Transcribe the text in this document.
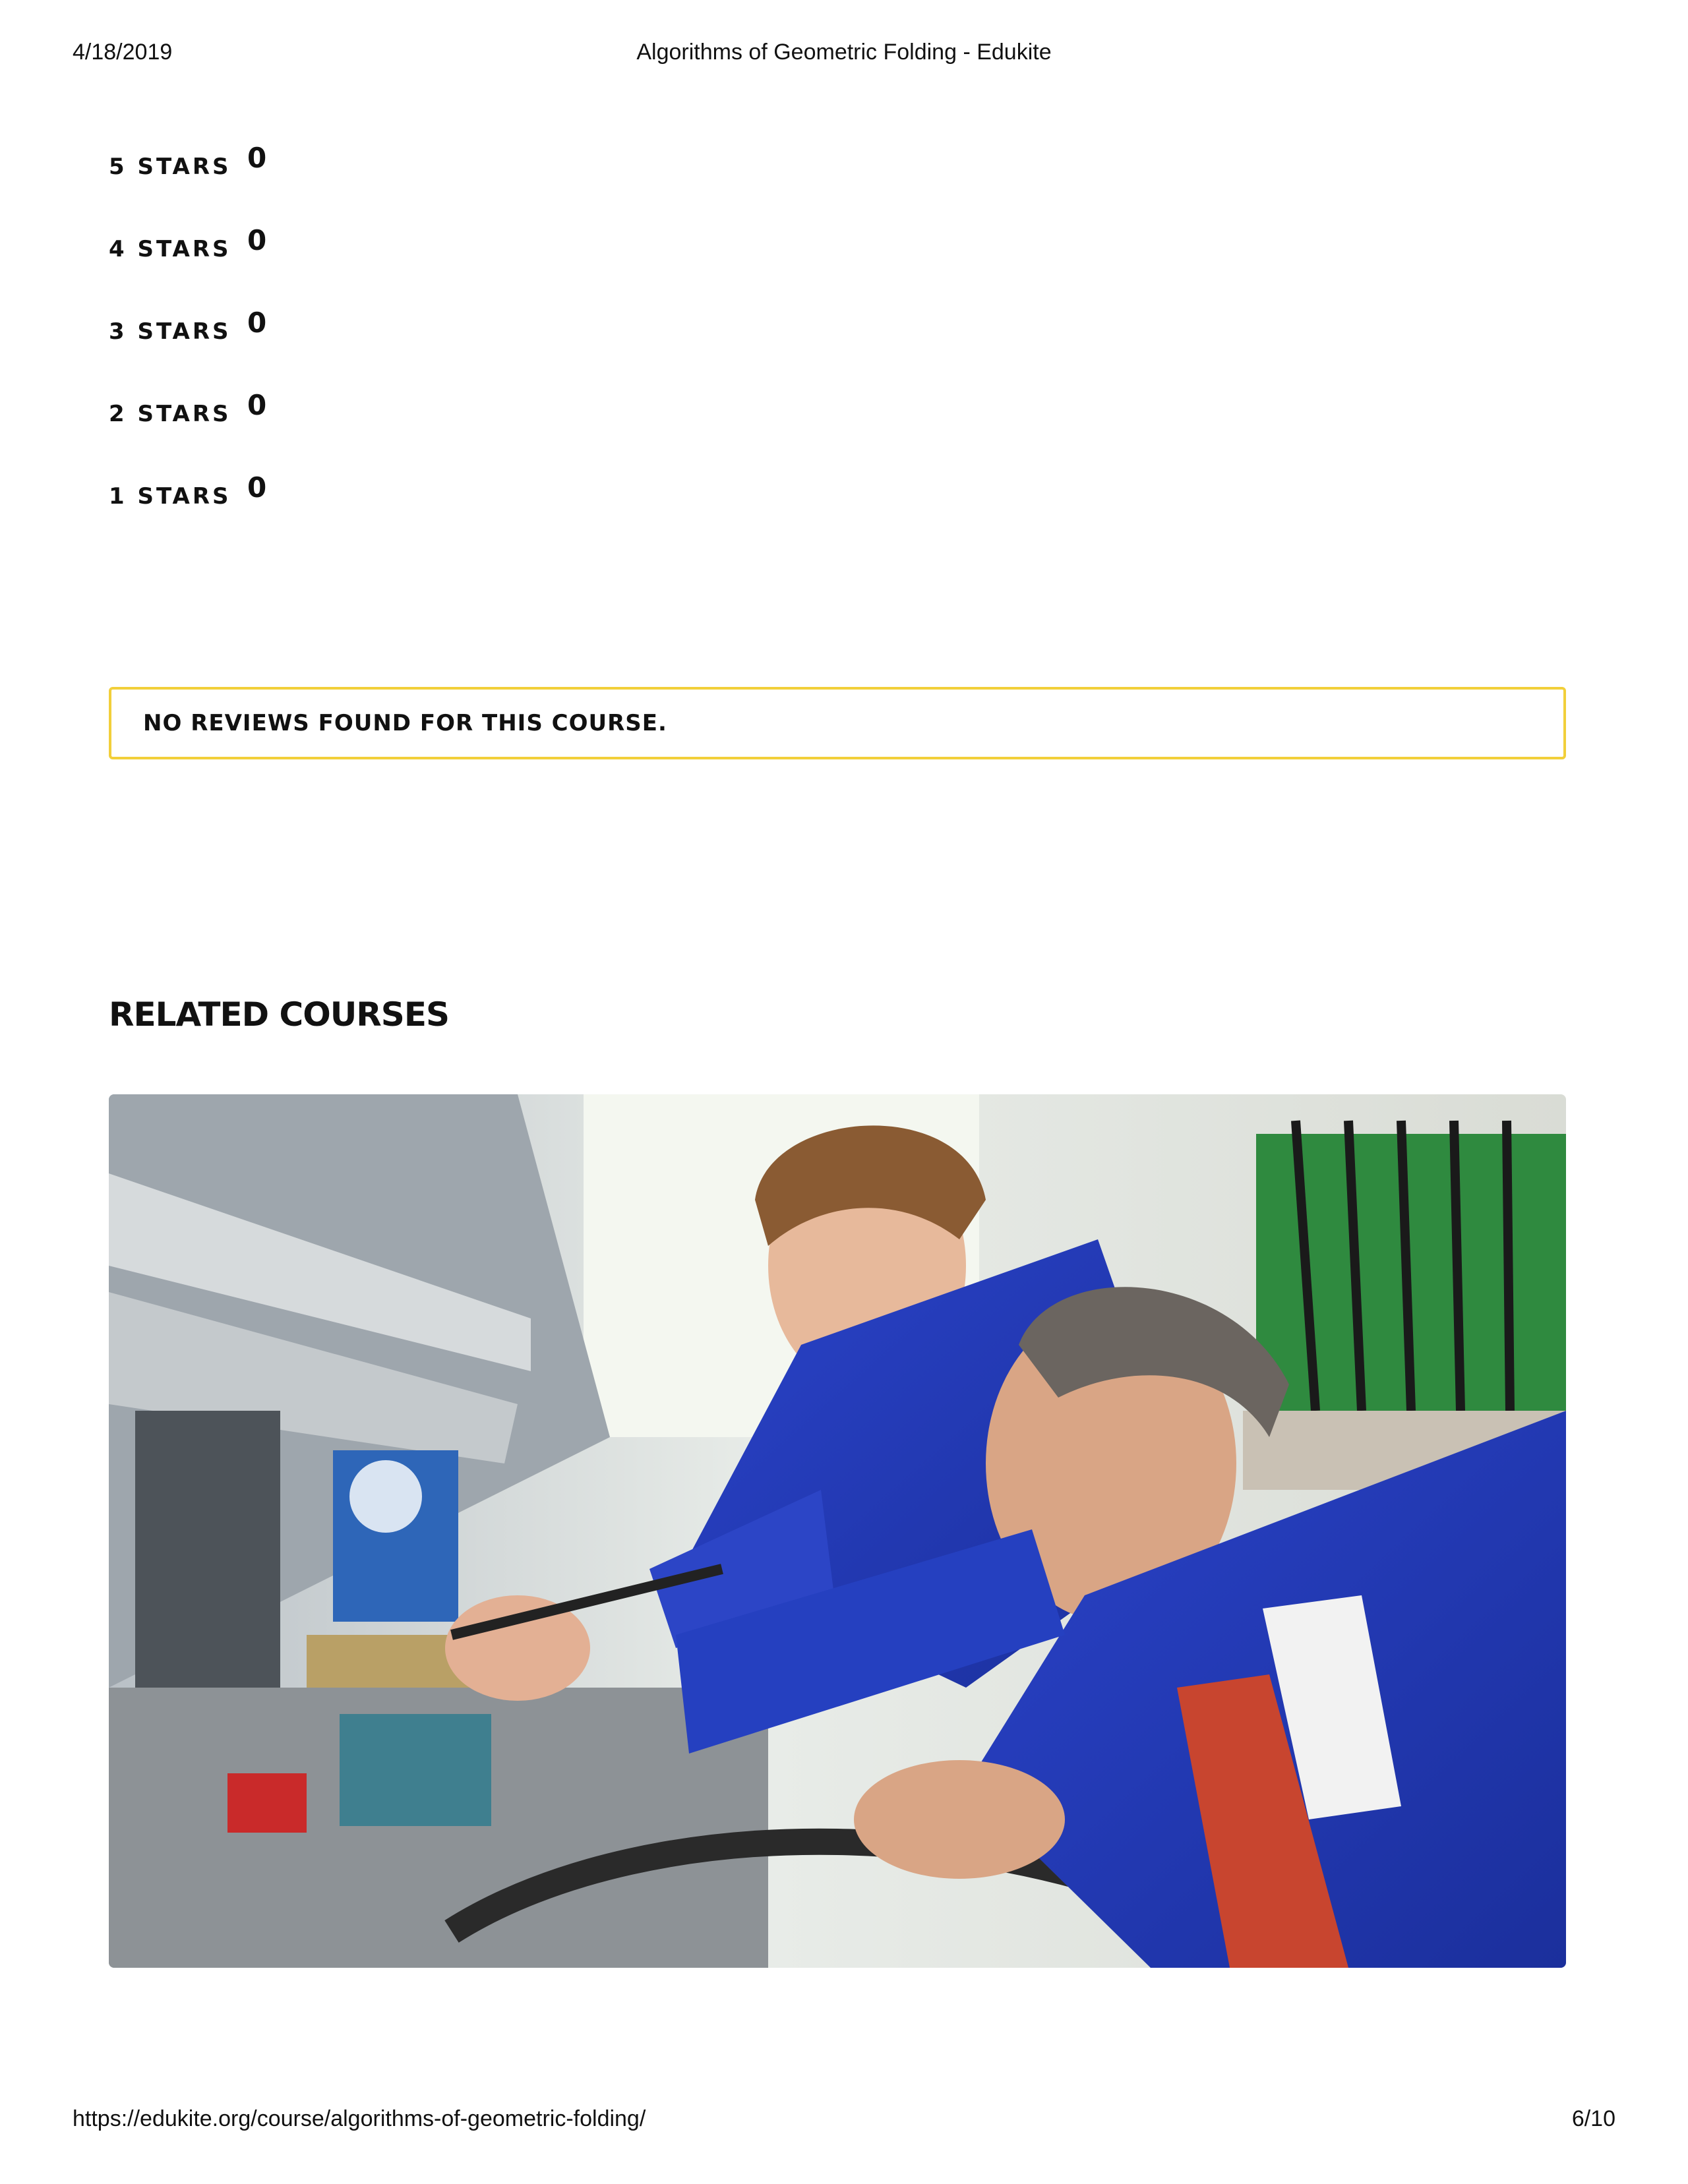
4/18/2019	Algorithms of Geometric Folding - Edukite
5 STARS 0
4 STARS 0
3 STARS 0
2 STARS 0
1 STARS 0
NO REVIEWS FOUND FOR THIS COURSE.
RELATED COURSES
https://edukite.org/course/algorithms-of-geometric-folding/	6/10
